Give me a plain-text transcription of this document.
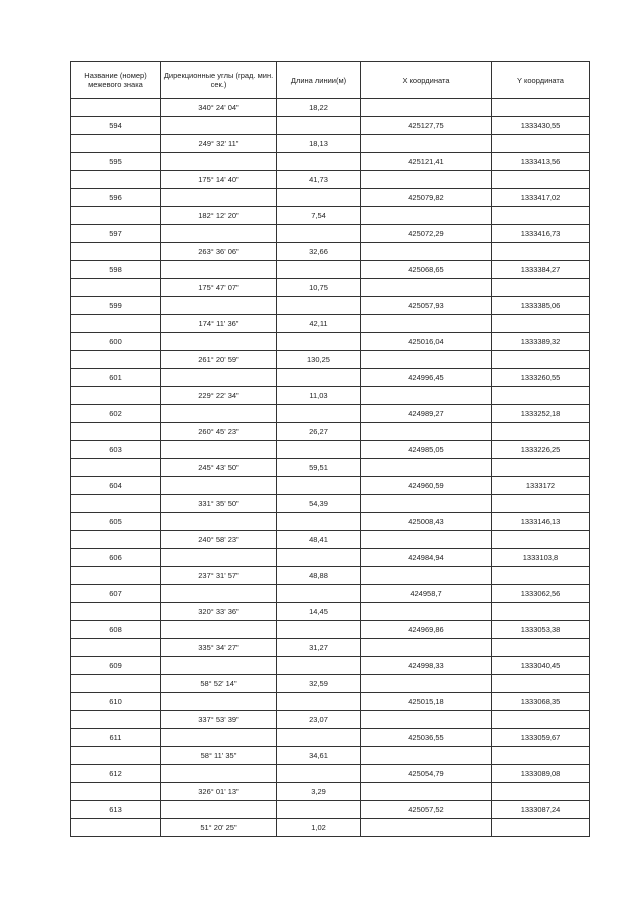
Название (номер) межевого знака	Дирекционные углы (град. мин. сек.)	Длина линии(м)	X координата	Y координата
	340° 24' 04"	18,22		
594			425127,75	1333430,55
	249° 32' 11"	18,13		
595			425121,41	1333413,56
	175° 14' 40"	41,73		
596			425079,82	1333417,02
	182° 12' 20"	7,54		
597			425072,29	1333416,73
	263° 36' 06"	32,66		
598			425068,65	1333384,27
	175° 47' 07"	10,75		
599			425057,93	1333385,06
	174° 11' 36"	42,11		
600			425016,04	1333389,32
	261° 20' 59"	130,25		
601			424996,45	1333260,55
	229° 22' 34"	11,03		
602			424989,27	1333252,18
	260° 45' 23"	26,27		
603			424985,05	1333226,25
	245° 43' 50"	59,51		
604			424960,59	1333172
	331° 35' 50"	54,39		
605			425008,43	1333146,13
	240° 58' 23"	48,41		
606			424984,94	1333103,8
	237° 31' 57"	48,88		
607			424958,7	1333062,56
	320° 33' 36"	14,45		
608			424969,86	1333053,38
	335° 34' 27"	31,27		
609			424998,33	1333040,45
	58° 52' 14"	32,59		
610			425015,18	1333068,35
	337° 53' 39"	23,07		
611			425036,55	1333059,67
	58° 11' 35"	34,61		
612			425054,79	1333089,08
	326° 01' 13"	3,29		
613			425057,52	1333087,24
	51° 20' 25"	1,02		
